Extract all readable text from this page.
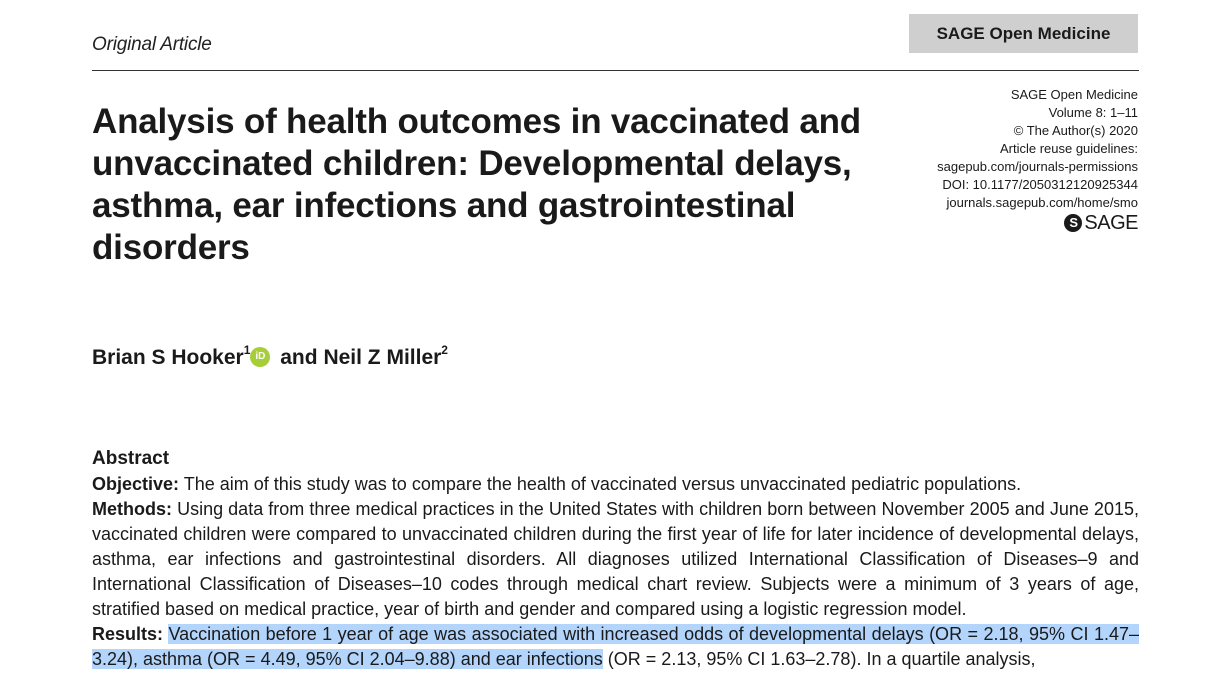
Original Article
SAGE Open Medicine
Analysis of health outcomes in vaccinated and unvaccinated children: Developmental delays, asthma, ear infections and gastrointestinal disorders
SAGE Open Medicine
Volume 8: 1–11
© The Author(s) 2020
Article reuse guidelines:
sagepub.com/journals-permissions
DOI: 10.1177/2050312120925344
journals.sagepub.com/home/smo
S SAGE
Brian S Hooker$^1$ iD and Neil Z Miller$^2$
Abstract

Objective: The aim of this study was to compare the health of vaccinated versus unvaccinated pediatric populations.

Methods: Using data from three medical practices in the United States with children born between November 2005 and June 2015, vaccinated children were compared to unvaccinated children during the first year of life for later incidence of developmental delays, asthma, ear infections and gastrointestinal disorders. All diagnoses utilized International Classification of Diseases–9 and International Classification of Diseases–10 codes through medical chart review. Subjects were a minimum of 3 years of age, stratified based on medical practice, year of birth and gender and compared using a logistic regression model.

Results: Vaccination before 1 year of age was associated with increased odds of developmental delays (OR = 2.18, 95% CI 1.47–3.24), asthma (OR = 4.49, 95% CI 2.04–9.88) and ear infections (OR = 2.13, 95% CI 1.63–2.78). In a quartile analysis,
